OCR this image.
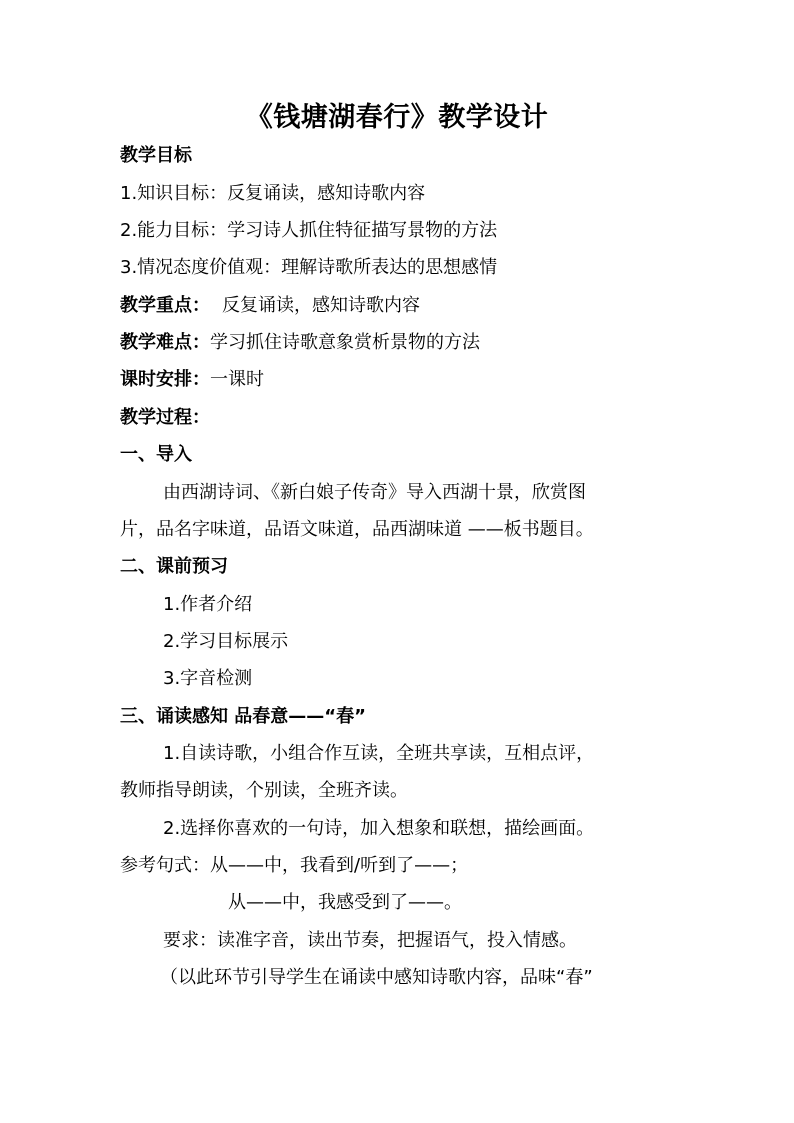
《钱塘湖春行》教学设计
教学目标
1.知识目标：反复诵读，感知诗歌内容
2.能力目标：学习诗人抓住特征描写景物的方法
3.情况态度价值观：理解诗歌所表达的思想感情
教学重点： 反复诵读，感知诗歌内容
教学难点：学习抓住诗歌意象赏析景物的方法
课时安排：一课时
教学过程：
一、导入
由西湖诗词、《新白娘子传奇》导入西湖十景，欣赏图
片，品名字味道，品语文味道，品西湖味道 ——板书题目。
二、课前预习
1.作者介绍
2.学习目标展示
3.字音检测
三、诵读感知 品春意——“春”
1.自读诗歌，小组合作互读，全班共享读，互相点评，
教师指导朗读，个别读，全班齐读。
2.选择你喜欢的一句诗，加入想象和联想，描绘画面。
参考句式：从——中，我看到/听到了——；
从——中，我感受到了——。
要求：读准字音，读出节奏，把握语气，投入情感。
（以此环节引导学生在诵读中感知诗歌内容，品味“春”
